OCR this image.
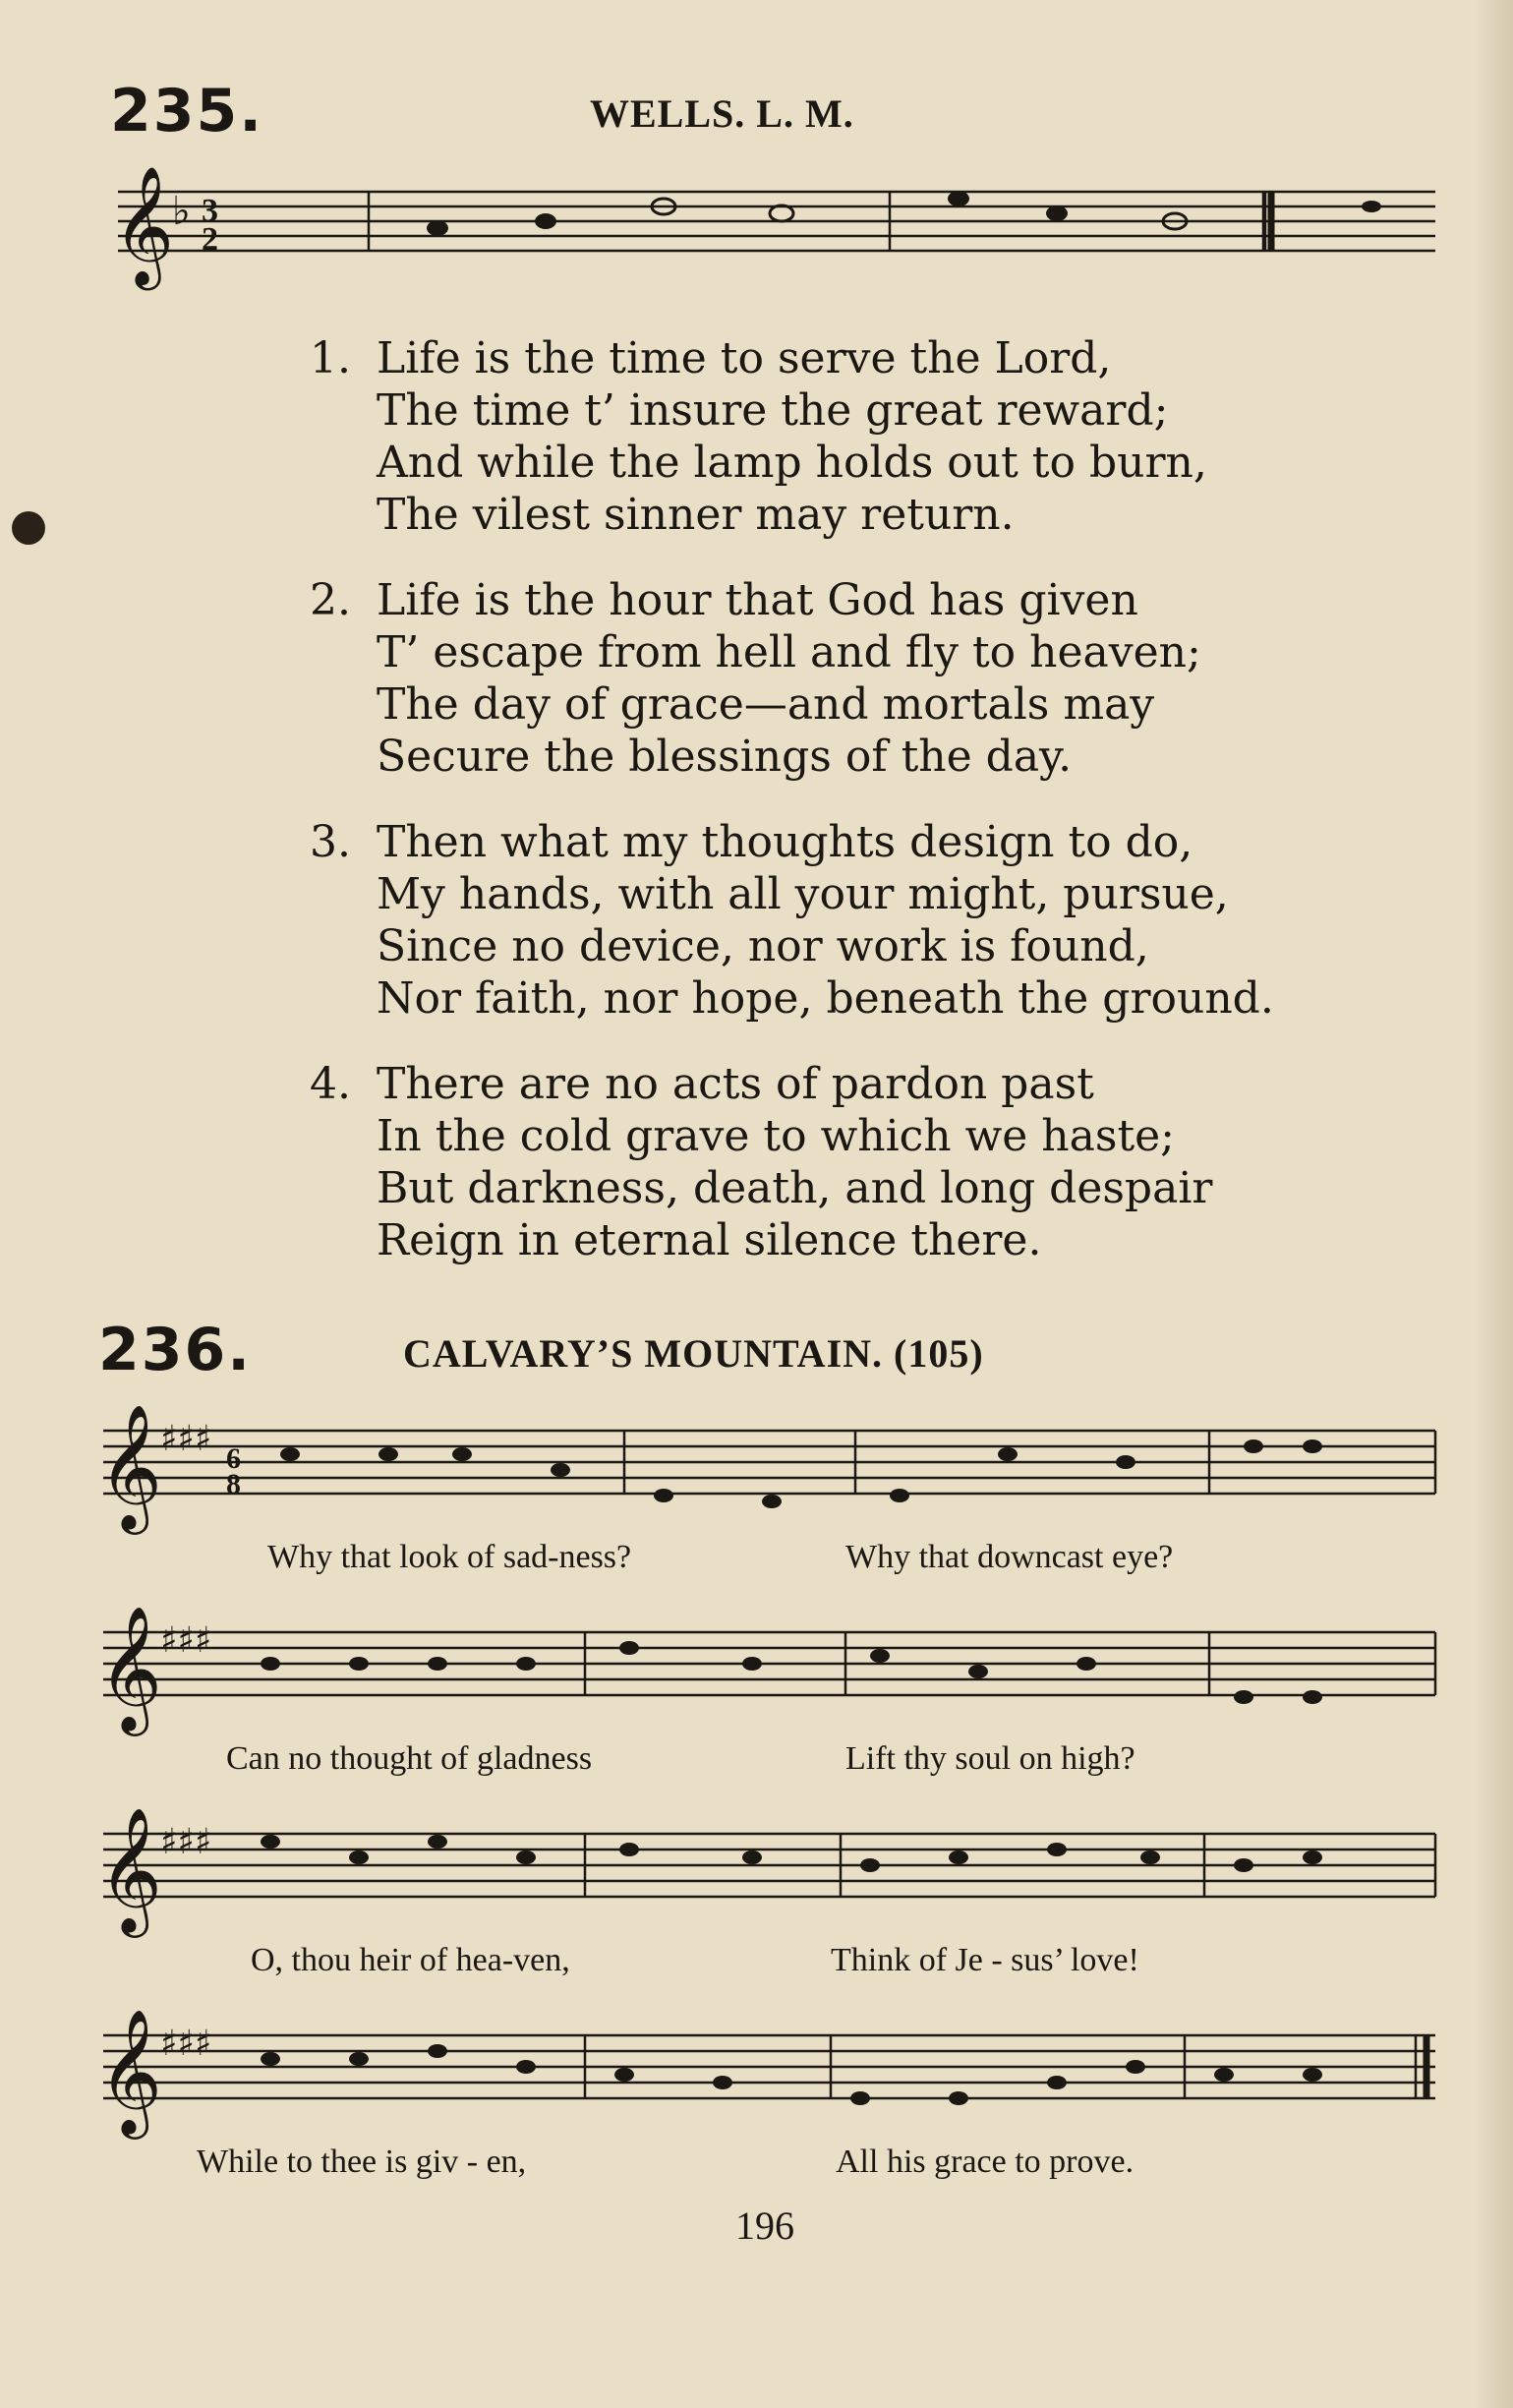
235.	WELLS. L. M.
𝄞
♭ 3
2
1. Life is the time to serve the Lord,
The time t’ insure the great reward;
And while the lamp holds out to burn,
The vilest sinner may return.
2. Life is the hour that God has given
T’ escape from hell and fly to heaven;
The day of grace—and mortals may
Secure the blessings of the day.
3. Then what my thoughts design to do,
My hands, with all your might, pursue,
Since no device, nor work is found,
Nor faith, nor hope, beneath the ground.
4. There are no acts of pardon past
In the cold grave to which we haste;
But darkness, death, and long despair
Reign in eternal silence there.
236.	CALVARY’S MOUNTAIN. (105)
𝄞
♯♯♯ 6
8
Why that look of sad-ness?	Why that downcast eye?
𝄞
♯♯♯
Can no thought of gladness	Lift thy soul on high?
𝄞
♯♯♯
O, thou heir of hea-ven,	Think of Je - sus’ love!
𝄞
♯♯♯
While to thee is giv - en,	All his grace to prove.
196
